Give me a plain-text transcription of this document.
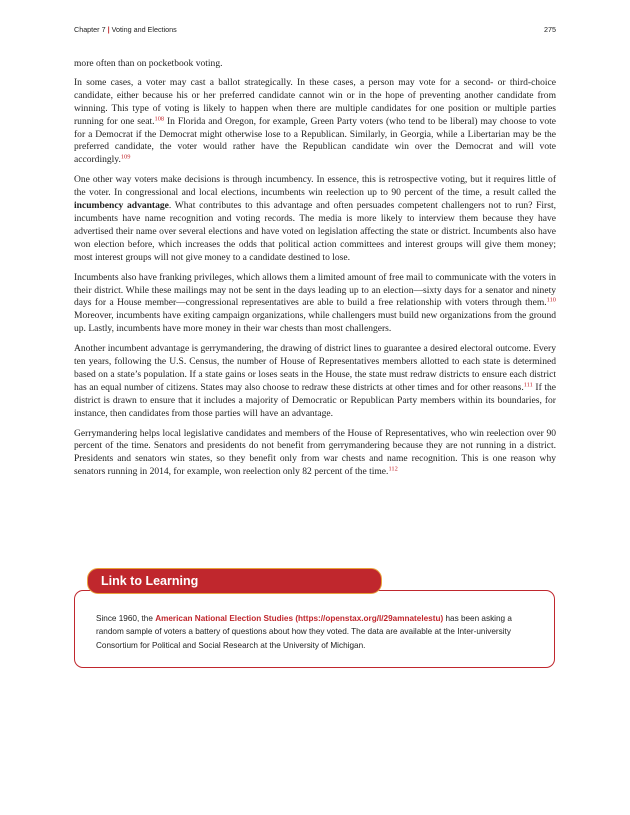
Chapter 7 | Voting and Elections	275

more often than on pocketbook voting.

In some cases, a voter may cast a ballot strategically. In these cases, a person may vote for a second- or third-choice candidate, either because his or her preferred candidate cannot win or in the hope of preventing another candidate from winning. This type of voting is likely to happen when there are multiple candidates for one position or multiple parties running for one seat.$^{108}$ In Florida and Oregon, for example, Green Party voters (who tend to be liberal) may choose to vote for a Democrat if the Democrat might otherwise lose to a Republican. Similarly, in Georgia, while a Libertarian may be the preferred candidate, the voter would rather have the Republican candidate win over the Democrat and will vote accordingly.$^{109}$

One other way voters make decisions is through incumbency. In essence, this is retrospective voting, but it requires little of the voter. In congressional and local elections, incumbents win reelection up to 90 percent of the time, a result called the incumbency advantage. What contributes to this advantage and often persuades competent challengers not to run? First, incumbents have name recognition and voting records. The media is more likely to interview them because they have advertised their name over several elections and have voted on legislation affecting the state or district. Incumbents also have won election before, which increases the odds that political action committees and interest groups will give them money; most interest groups will not give money to a candidate destined to lose.

Incumbents also have franking privileges, which allows them a limited amount of free mail to communicate with the voters in their district. While these mailings may not be sent in the days leading up to an election—sixty days for a senator and ninety days for a House member—congressional representatives are able to build a free relationship with voters through them.$^{110}$ Moreover, incumbents have exiting campaign organizations, while challengers must build new organizations from the ground up. Lastly, incumbents have more money in their war chests than most challengers.

Another incumbent advantage is gerrymandering, the drawing of district lines to guarantee a desired electoral outcome. Every ten years, following the U.S. Census, the number of House of Representatives members allotted to each state is determined based on a state’s population. If a state gains or loses seats in the House, the state must redraw districts to ensure each district has an equal number of citizens. States may also choose to redraw these districts at other times and for other reasons.$^{111}$ If the district is drawn to ensure that it includes a majority of Democratic or Republican Party members within its boundaries, for instance, then candidates from those parties will have an advantage.

Gerrymandering helps local legislative candidates and members of the House of Representatives, who win reelection over 90 percent of the time. Senators and presidents do not benefit from gerrymandering because they are not running in a district. Presidents and senators win states, so they benefit only from war chests and name recognition. This is one reason why senators running in 2014, for example, won reelection only 82 percent of the time.$^{112}$

Link to Learning
Since 1960, the American National Election Studies (https://openstax.org/l/29amnatelestu) has been asking a random sample of voters a battery of questions about how they voted. The data are available at the Inter-university Consortium for Political and Social Research at the University of Michigan.
